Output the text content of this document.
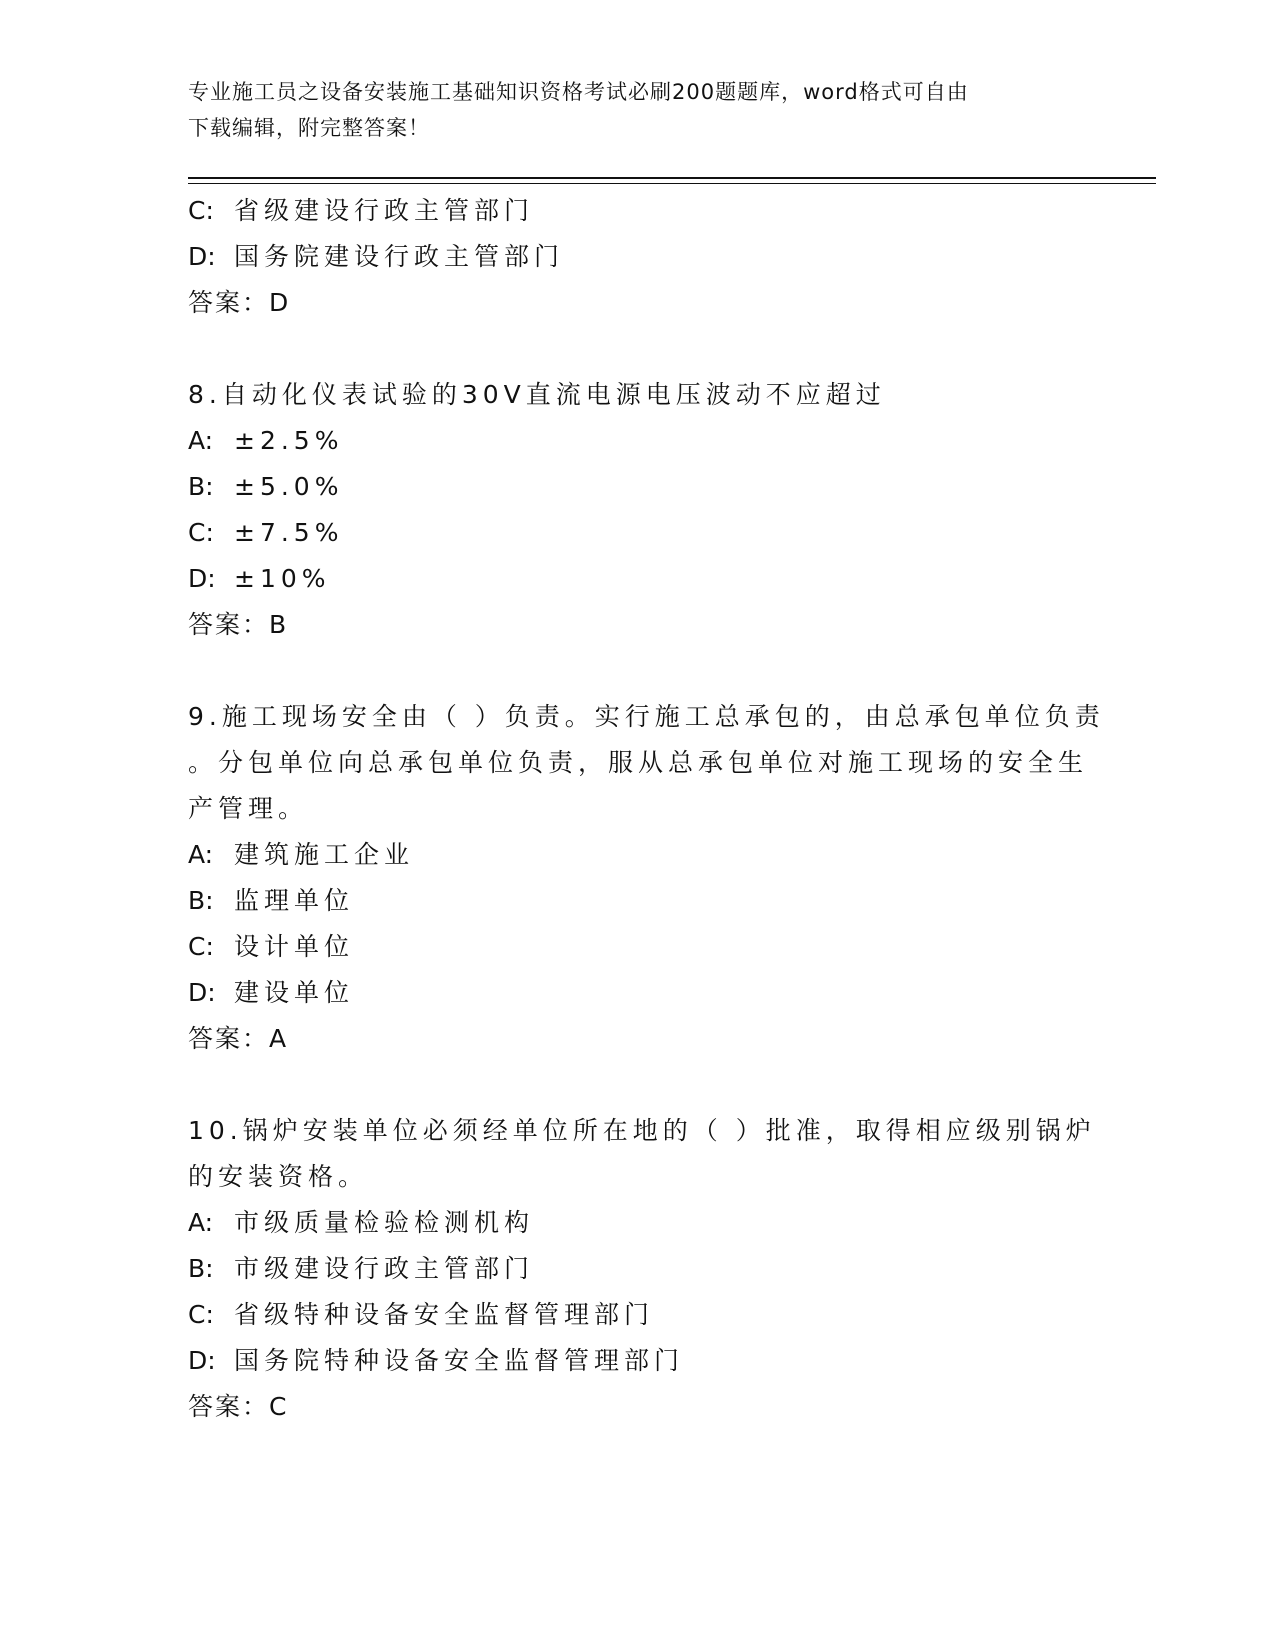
专业施工员之设备安装施工基础知识资格考试必刷200题题库，word格式可自由
下载编辑，附完整答案！
C: 省级建设行政主管部门
D: 国务院建设行政主管部门
答案：D
8.自动化仪表试验的30V直流电源电压波动不应超过
A: ±2.5%
B: ±5.0%
C: ±7.5%
D: ±10%
答案：B
9.施工现场安全由（ ）负责。实行施工总承包的，由总承包单位负责
。分包单位向总承包单位负责，服从总承包单位对施工现场的安全生
产管理。
A: 建筑施工企业
B: 监理单位
C: 设计单位
D: 建设单位
答案：A
10.锅炉安装单位必须经单位所在地的（ ）批准，取得相应级别锅炉
的安装资格。
A: 市级质量检验检测机构
B: 市级建设行政主管部门
C: 省级特种设备安全监督管理部门
D: 国务院特种设备安全监督管理部门
答案：C
